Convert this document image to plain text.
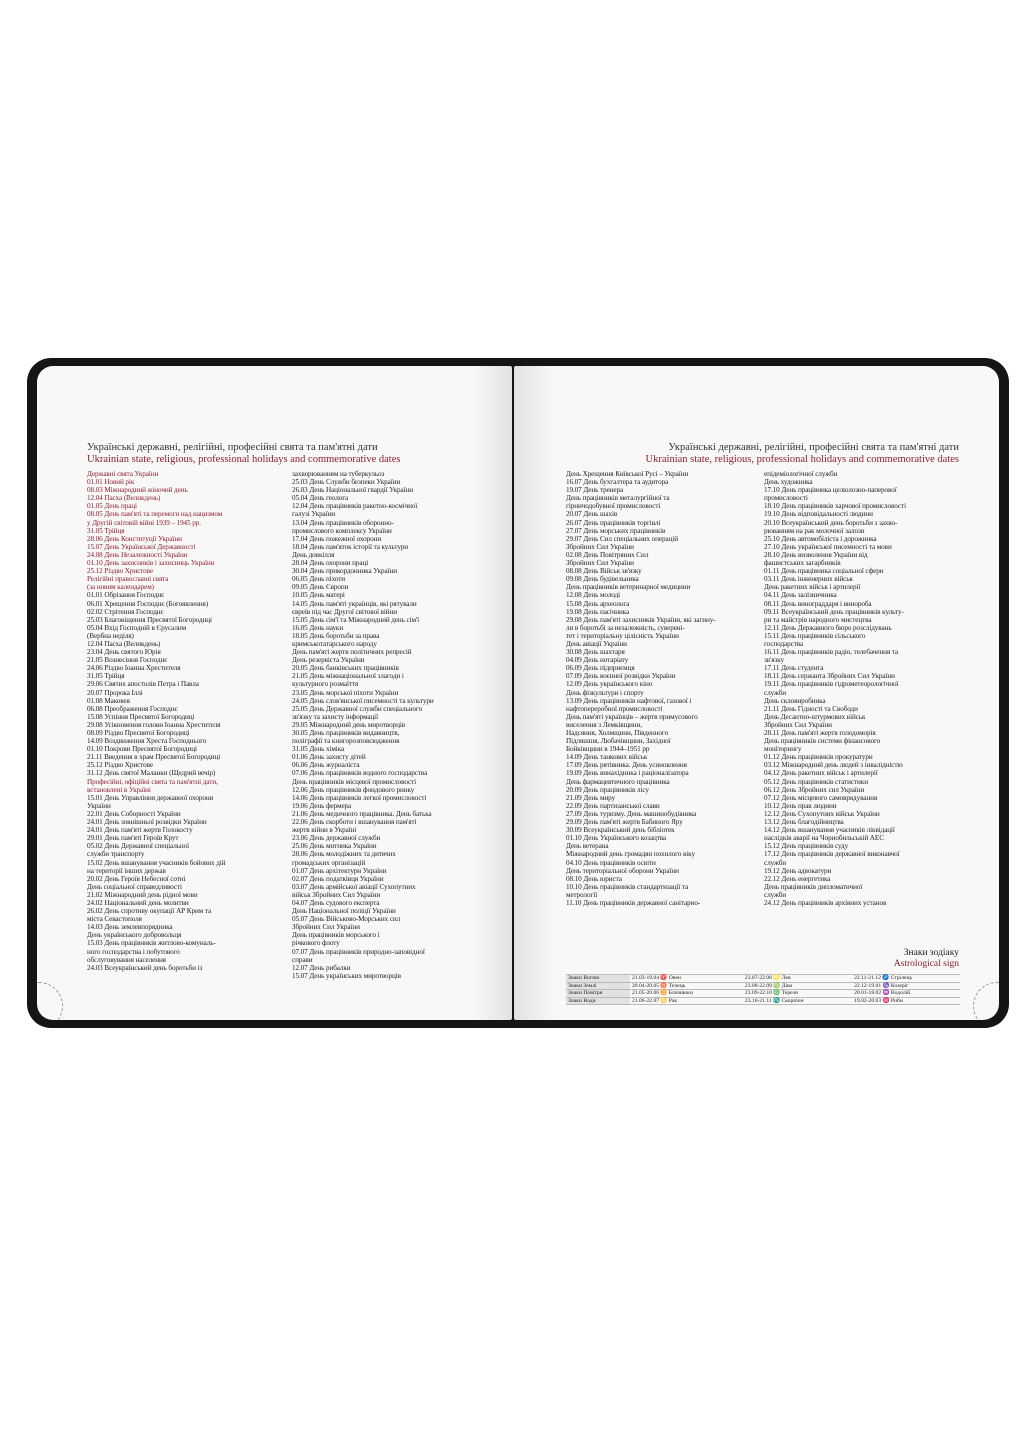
Українські державні, релігійні, професійні свята та пам'ятні дати
Ukrainian state, religious, professional holidays and commemorative dates
Державні свята України
01.01 Новий рік
08.03 Міжнародний жіночий день
12.04 Пасха (Великдень)
01.05 День праці
08.05 День пам'яті та перемоги над нацизмом
у Другій світовій війні 1939 – 1945 рр.
31.05 Трійця
28.06 День Конституції України
15.07 День Української Державності
24.08 День Незалежності України
01.10 День захисників і захисниць України
25.12 Різдво Христове
Релігійні православні свята
(за новим календарем)
01.01 Обрізання Господнє
06.01 Хрещення Господнє (Богоявлення)
02.02 Стрітення Господнє
25.03 Благовіщення Пресвятої Богородиці
05.04 Вхід Господній в Єрусалим
(Вербна неділя)
12.04 Пасха (Великдень)
23.04 День святого Юрія
21.05 Вознесіння Господнє
24.06 Різдво Іоанна Хрестителя
31.05 Трійця
29.06 Святих апостолів Петра і Павла
20.07 Пророка Іллі
01.08 Маковея
06.08 Преображення Господнє
15.08 Успіння Пресвятої Богородиці
29.08 Усікновення голови Іоанна Хрестителя
08.09 Різдво Пресвятої Богородиці
14.09 Воздвиження Хреста Господнього
01.10 Покрови Пресвятої Богородиці
21.11 Введення в храм Пресвятої Богородиці
25.12 Різдво Христове
31.12 День святої Маланки (Щедрий вечір)
Професійні, офіційні свята та пам'ятні дати,
встановлені в Україні
15.01 День Управління державної охорони
України
22.01 День Соборності України
24.01 День зовнішньої розвідки України
24.01 День пам'яті жертв Голокосту
29.01 День пам'яті Героїв Крут
05.02 День Державної спеціальної
служби транспорту
15.02 День вшанування учасників бойових дій
на території інших держав
20.02 День Героїв Небесної сотні
День соціальної справедливості
21.02 Міжнародний день рідної мови
24.02 Національний день молитви
26.02 День спротиву окупації АР Крим та
міста Севастополя
14.03 День землевпорядника
День українського добровольця
15.03 День працівників житлово-комуналь-
ного господарства і побутового
обслуговування населення
24.03 Всеукраїнський день боротьби із
захворюванням на туберкульоз
25.03 День Служби безпеки України
26.03 День Національної гвардії України
05.04 День геолога
12.04 День працівників ракетно-космічної
галузі України
13.04 День працівників оборонно-
промислового комплексу України
17.04 День пожежної охорони
18.04 День пам'яток історії та культури
День довкілля
28.04 День охорони праці
30.04 День прикордонника України
06.05 День піхоти
09.05 День Європи
10.05 День матері
14.05 День пам'яті українців, які рятували
євреїв під час Другої світової війни
15.05 День сім'ї та Міжнародний день сім'ї
16.05 День науки
18.05 День боротьби за права
кримськотатарського народу
День пам'яті жертв політичних репресій
День резервіста України
20.05 День банківських працівників
21.05 День міжнаціональної злагоди і
культурного розмаїття
23.05 День морської піхоти України
24.05 День слов'янської писемності та культури
25.05 День Державної служби спеціального
зв'язку та захисту інформації
29.05 Міжнародний день миротворців
30.05 День працівників видавництв,
поліграфії та книгорозповсюдження
31.05 День хіміка
01.06 День захисту дітей
06.06 День журналіста
07.06 День працівників водного господарства
День працівників місцевої промисловості
12.06 День працівників фондового ринку
14.06 День працівників легкої промисловості
19.06 День фермера
21.06 День медичного працівника. День батька
22.06 День скорботи і вшанування пам'яті
жертв війни в Україні
23.06 День державної служби
25.06 День митника України
28.06 День молодіжних та дитячих
громадських організацій
01.07 День архітектури України
02.07 День податківця України
03.07 День армійської авіації Сухопутних
військ Збройних Сил України
04.07 День судового експерта
День Національної поліції України
05.07 День Військово-Морських сил
Збройних Сил України
День працівників морського і
річкового флоту
07.07 День працівників природно-заповідної
справи
12.07 День рибалки
15.07 День українських миротворців
Українські державні, релігійні, професійні свята та пам'ятні дати
Ukrainian state, religious, professional holidays and commemorative dates
День Хрещення Київської Русі – України
16.07 День бухгалтера та аудитора
19.07 День тренера
День працівників металургійної та
гірничодобувної промисловості
20.07 День шахів
26.07 День працівників торгівлі
27.07 День морських працівників
29.07 День Сил спеціальних операцій
Збройних Сил України
02.08 День Повітряних Сил
Збройних Сил України
08.08 День Військ зв'язку
09.08 День будівельника
День працівників ветеринарної медицини
12.08 День молоді
15.08 День археолога
19.08 День пасічника
29.08 День пам'яті захисників України, які загину-
ли в боротьбі за незалежність, суверені-
тет і територіальну цілісність України
День авіації України
30.08 День шахтаря
04.09 День нотаріату
06.09 День підприємця
07.09 День воєнної розвідки України
12.09 День українського кіно
День фізкультури і спорту
13.09 День працівників нафтової, газової і
нафтопереробної промисловості
День пам'яті українців – жертв примусового
виселення з Лемківщини,
Надсяння, Холмщини, Південного
Підляшшя, Любачівщини, Західної
Бойківщини в 1944–1951 рр
14.09 День танкових військ
17.09 День рятівника. День усиновлення
19.09 День винахідника і раціоналізатора
День фармацевтичного працівника
20.09 День працівників лісу
21.09 День миру
22.09 День партизанської слави
27.09 День туризму. День машинобудівника
29.09 День пам'яті жертв Бабиного Яру
30.09 Всеукраїнський день бібліотек
01.10 День Українського козацтва
День ветерана
Міжнародний день громадян похилого віку
04.10 День працівників освіти
День територіальної оборони України
08.10 День юриста
10.10 День працівників стандартизації та
метрології
11.10 День працівників державної санітарно-
епідеміологічної служби
День художника
17.10 День працівника целюлозно-паперової
промисловості
18.10 День працівників харчової промисловості
19.10 День відповідальності людини
20.10 Всеукраїнський день боротьби з захво-
рюванням на рак молочної залози
25.10 День автомобіліста і дорожника
27.10 День української писемності та мови
28.10 День визволення України від
фашистських загарбників
01.11 День працівника соціальної сфери
03.11 День інженерних військ
День ракетних військ і артилерії
04.11 День залізничника
08.11 День винограддаря і винороба
09.11 Всеукраїнський день працівників культу-
ри та майстрів народного мистецтва
12.11 День Державного бюро розслідувань
15.11 День працівників сільського
господарства
16.11 День працівників радіо, телебачення та
зв'язку
17.11 День студента
18.11 День сержанта Збройних Сил України
19.11 День працівників гідрометеорологічної
служби
День скловиробника
21.11 День Гідності та Свободи
День Десантно-штурмових військ
Збройних Сил України
28.11 День пам'яті жертв голодоморів
День працівників системи фінансового
моніторингу
01.12 День працівників прокуратури
03.12 Міжнародний день людей з інвалідністю
04.12 День ракетних військ і артилерії
05.12 День працівників статистики
06.12 День Збройних сил України
07.12 День місцевого самоврядування
10.12 День прав людини
12.12 День Сухопутних військ України
13.12 День благодійництва
14.12 День вшанування учасників ліквідації
наслідків аварії на Чорнобильській АЕС
15.12 День працівників суду
17.12 День працівників державної виконавчої
служби
19.12 День адвокатури
22.12 День енергетика
День працівників дипломатичної
служби
24.12 День працівників архівних установ
Знаки зодіаку
Astrological sign
Знаки Вогню	21.03-19.04 ♈ Овен	23.07-22.08 ♌ Лев	22.11-21.12 ♐ Стрілець
Знаки Землі	20.04-20.05 ♉ Телець	23.08-22.09 ♍ Діва	22.12-19.01 ♑ Козеріг
Знаки Повітря	21.05-20.06 ♊ Близнюки	23.09-22.10 ♎ Терези	20.01-18.02 ♒ Водолій
Знаки Води	21.06-22.07 ♋ Рак	23.10-21.11 ♏ Скорпіон	19.02-20.03 ♓ Риби
